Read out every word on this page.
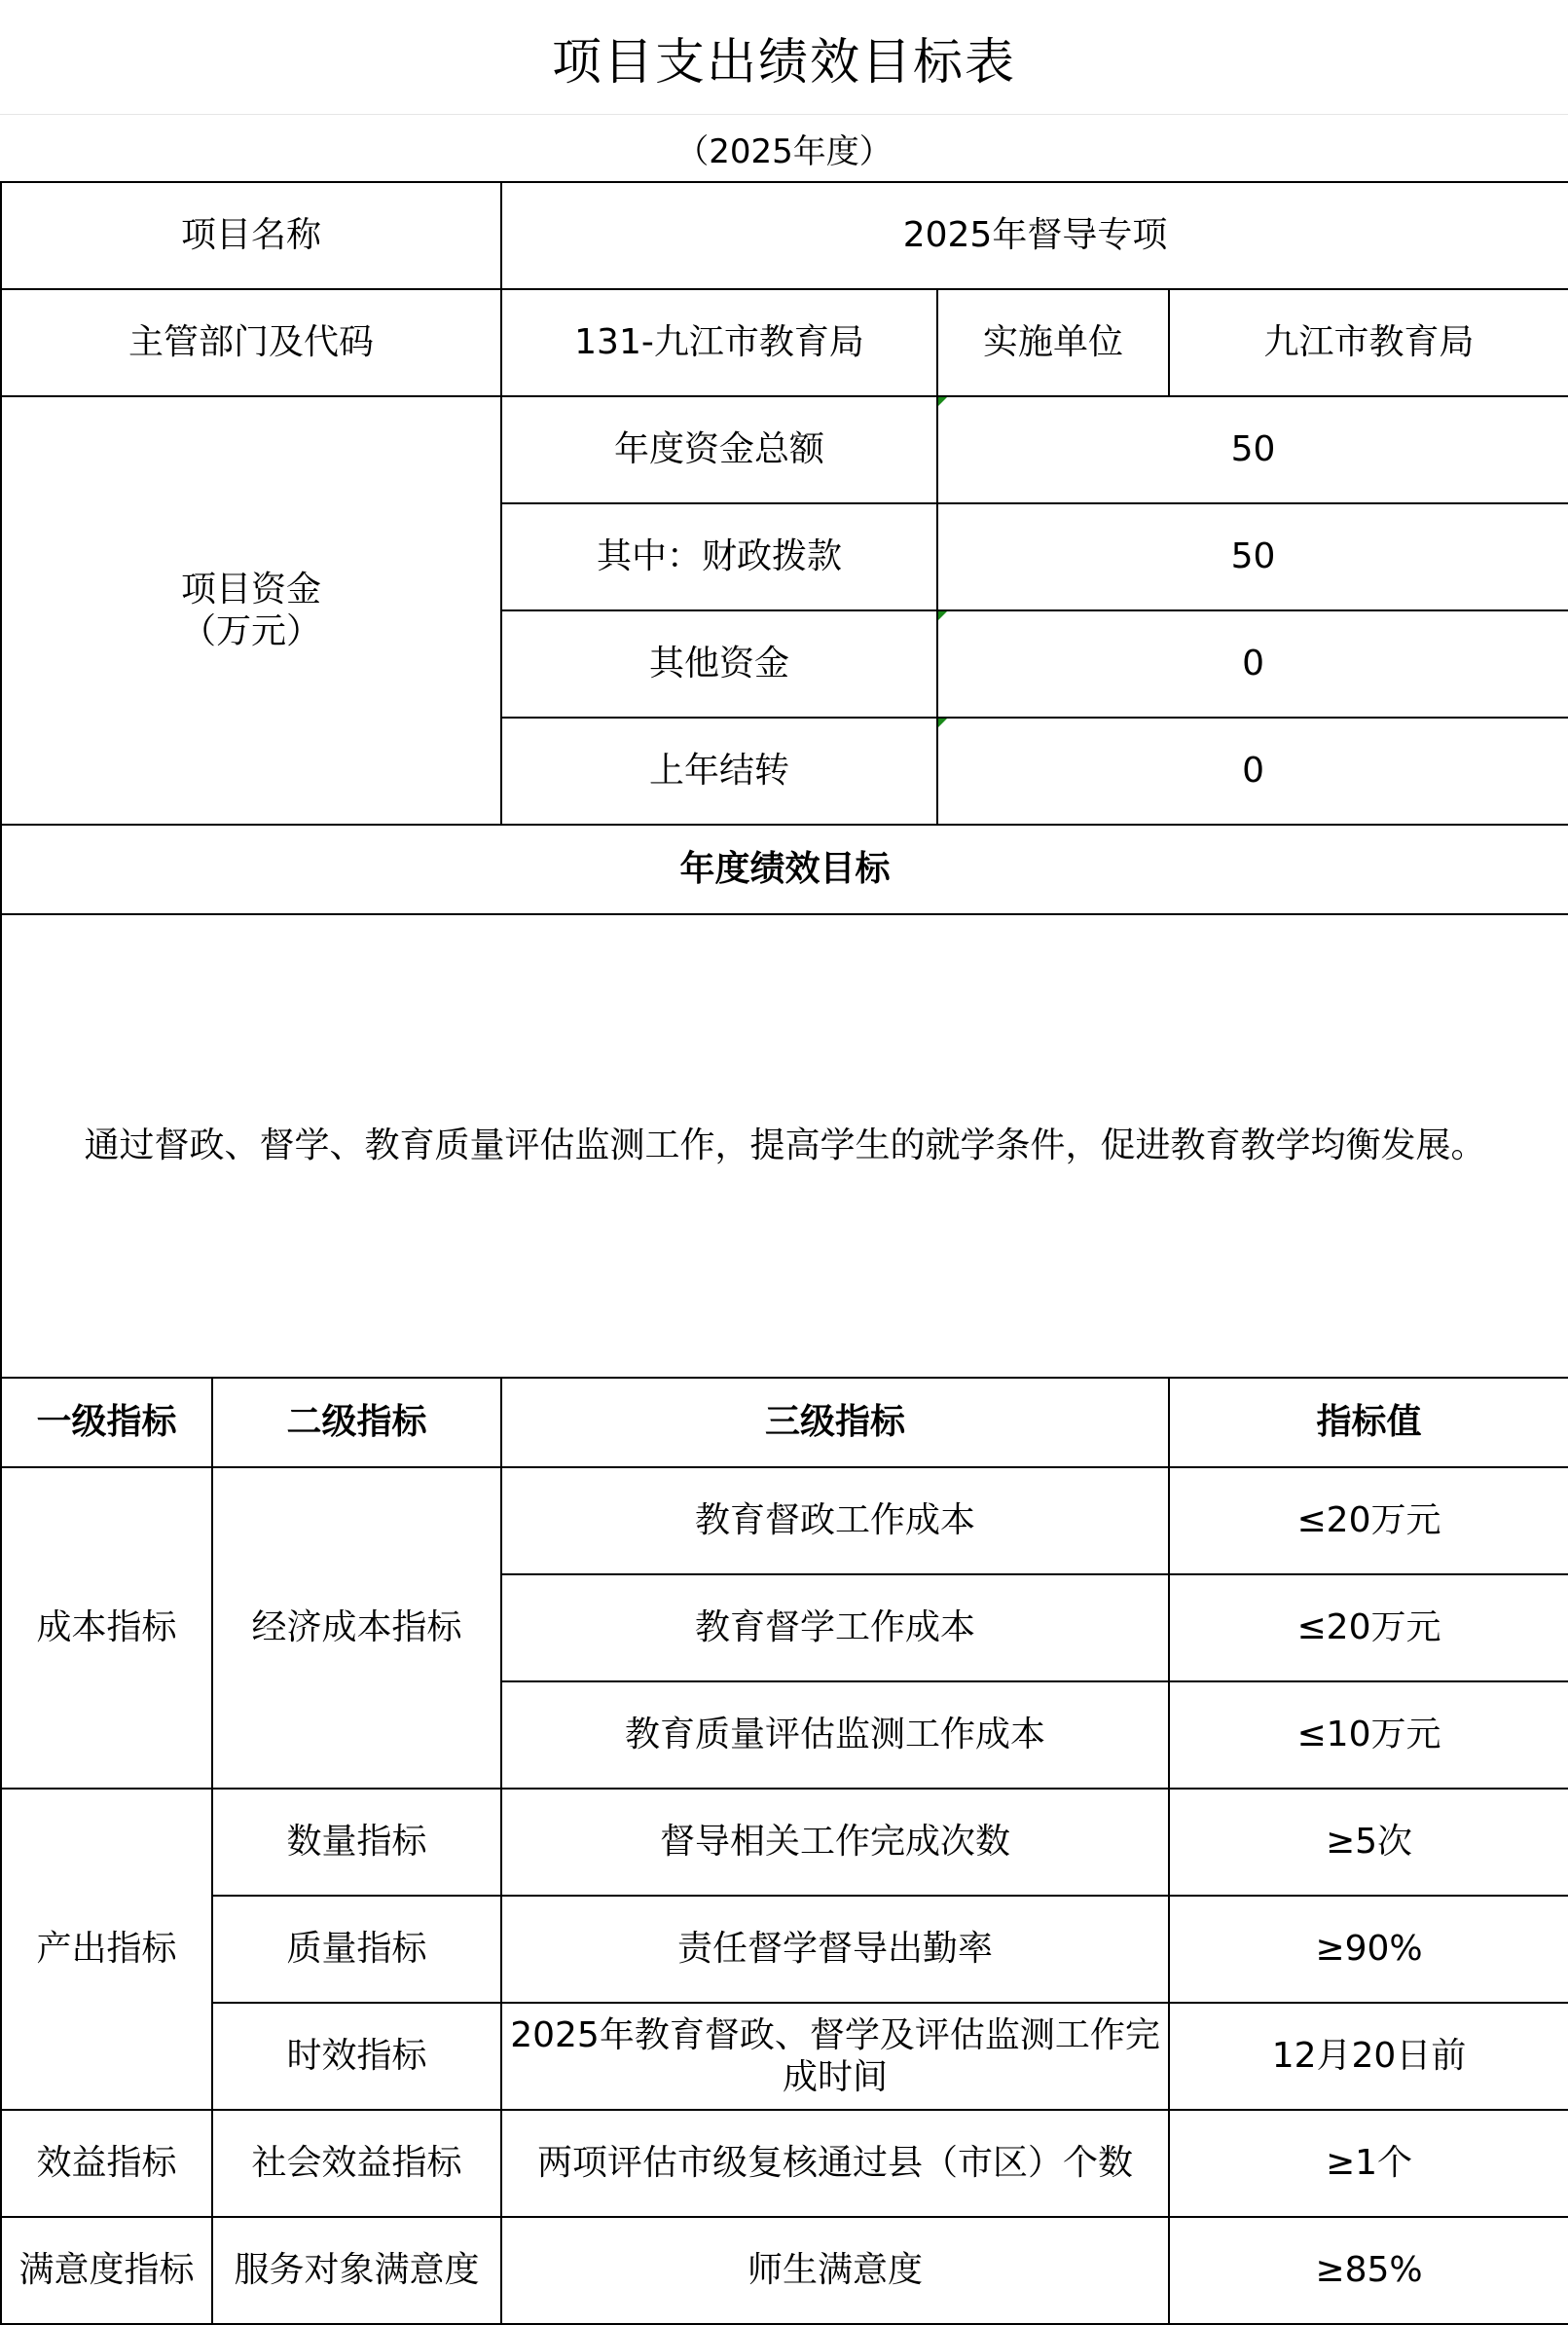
项目支出绩效目标表
（2025年度）
项目名称		2025年督导专项		
主管部门及代码		131-九江市教育局	实施单位	九江市教育局

项目资金
（万元）		年度资金总额	50	
		其中：财政拨款	50	
		其他资金	0	
		上年结转	0	
年度绩效目标				
通过督政、督学、教育质量评估监测工作，提高学生的就学条件，促进教育教学均衡发展。				
一级指标	二级指标	三级指标		指标值
成本指标	经济成本指标	教育督政工作成本		≤20万元
		教育督学工作成本		≤20万元
		教育质量评估监测工作成本		≤10万元
产出指标	数量指标	督导相关工作完成次数		≥5次
	质量指标	责任督学督导出勤率		≥90%
	时效指标	2025年教育督政、督学及评估监测工作完成时间		12月20日前
效益指标	社会效益指标	两项评估市级复核通过县（市区）个数		≥1个
满意度指标	服务对象满意度	师生满意度		≥85%
